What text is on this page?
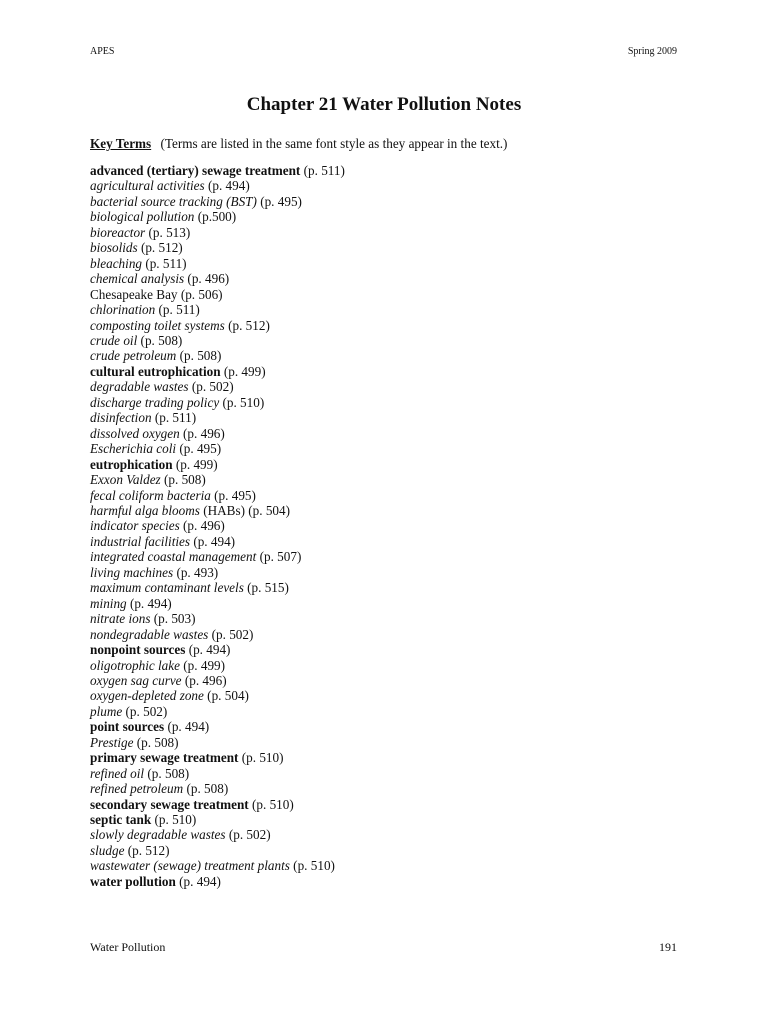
APES	Spring 2009
Chapter 21 Water Pollution Notes
Key Terms (Terms are listed in the same font style as they appear in the text.)
advanced (tertiary) sewage treatment (p. 511)
agricultural activities (p. 494)
bacterial source tracking (BST) (p. 495)
biological pollution (p.500)
bioreactor (p. 513)
biosolids (p. 512)
bleaching (p. 511)
chemical analysis (p. 496)
Chesapeake Bay (p. 506)
chlorination (p. 511)
composting toilet systems (p. 512)
crude oil (p. 508)
crude petroleum (p. 508)
cultural eutrophication (p. 499)
degradable wastes (p. 502)
discharge trading policy (p. 510)
disinfection (p. 511)
dissolved oxygen (p. 496)
Escherichia coli (p. 495)
eutrophication (p. 499)
Exxon Valdez (p. 508)
fecal coliform bacteria (p. 495)
harmful alga blooms (HABs) (p. 504)
indicator species (p. 496)
industrial facilities (p. 494)
integrated coastal management (p. 507)
living machines (p. 493)
maximum contaminant levels (p. 515)
mining (p. 494)
nitrate ions (p. 503)
nondegradable wastes (p. 502)
nonpoint sources (p. 494)
oligotrophic lake (p. 499)
oxygen sag curve (p. 496)
oxygen-depleted zone (p. 504)
plume (p. 502)
point sources (p. 494)
Prestige (p. 508)
primary sewage treatment (p. 510)
refined oil (p. 508)
refined petroleum (p. 508)
secondary sewage treatment (p. 510)
septic tank (p. 510)
slowly degradable wastes (p. 502)
sludge (p. 512)
wastewater (sewage) treatment plants (p. 510)
water pollution (p. 494)
Water Pollution	191
